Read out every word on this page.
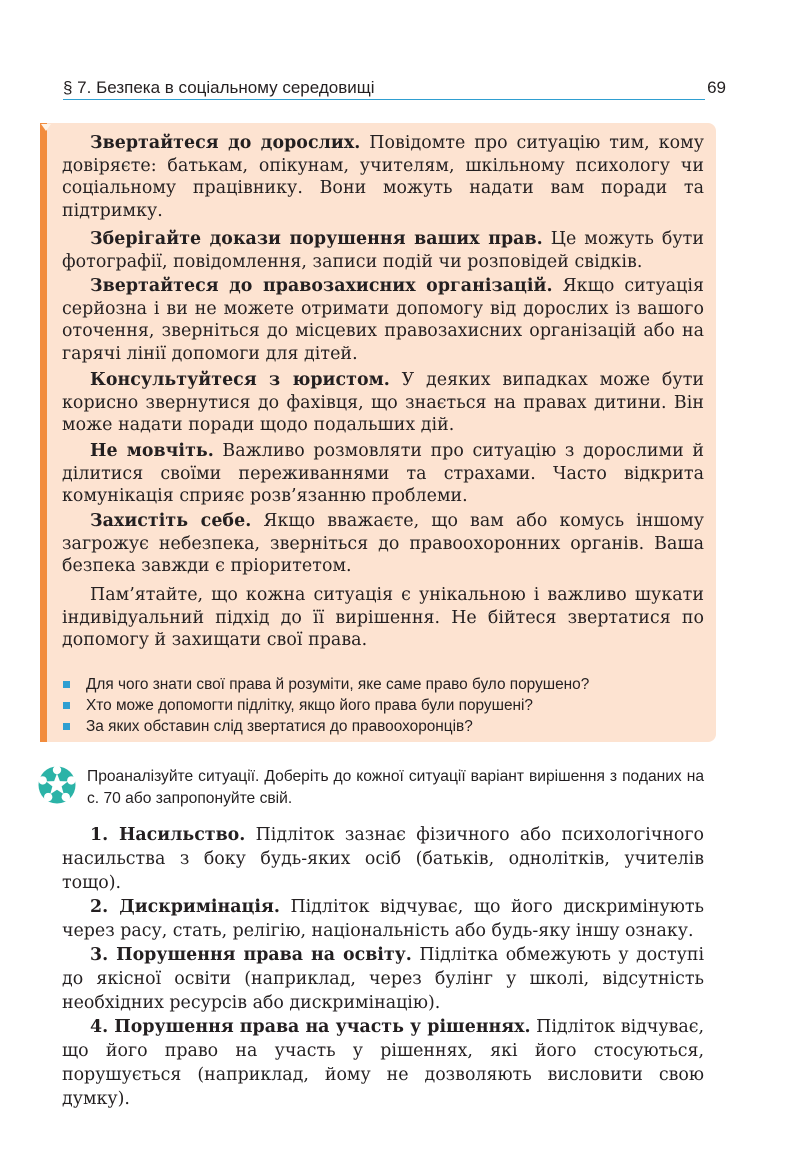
§ 7. Безпека в соціальному середовищі	69

Звертайтеся до дорослих. Повідомте про ситуацію тим, кому довіряєте: батькам, опікунам, учителям, шкільному психологу чи соціальному працівнику. Вони можуть надати вам поради та підтримку.

Зберігайте докази порушення ваших прав. Це можуть бути фотографії, повідомлення, записи подій чи розповідей свідків.

Звертайтеся до правозахисних організацій. Якщо ситуація серйозна і ви не можете отримати допомогу від дорослих із вашого оточення, зверніться до місцевих правозахисних організацій або на гарячі лінії допомоги для дітей.

Консультуйтеся з юристом. У деяких випадках може бути корисно звернутися до фахівця, що знається на правах дитини. Він може надати поради щодо подальших дій.

Не мовчіть. Важливо розмовляти про ситуацію з дорослими й ділитися своїми переживаннями та страхами. Часто відкрита комунікація сприяє розв’язанню проблеми.

Захистіть себе. Якщо вважаєте, що вам або комусь іншому загрожує небезпека, зверніться до правоохоронних органів. Ваша безпека завжди є пріоритетом.

Пам’ятайте, що кожна ситуація є унікальною і важливо шукати індивідуальний підхід до її вирішення. Не бійтеся звертатися по допомогу й захищати свої права.

Для чого знати свої права й розуміти, яке саме право було порушено?
Хто може допомогти підлітку, якщо його права були порушені?
За яких обставин слід звертатися до правоохоронців?

Проаналізуйте ситуації. Доберіть до кожної ситуації варіант вирішення з поданих на с. 70 або запропонуйте свій.

1. Насильство. Підліток зазнає фізичного або психологічного насильства з боку будь-яких осіб (батьків, однолітків, учителів тощо).

2. Дискримінація. Підліток відчуває, що його дискримінують через расу, стать, релігію, національність або будь-яку іншу ознаку.

3. Порушення права на освіту. Підлітка обмежують у доступі до якісної освіти (наприклад, через булінг у школі, відсутність необхідних ресурсів або дискримінацію).

4. Порушення права на участь у рішеннях. Підліток відчуває, що його право на участь у рішеннях, які його стосуються, порушується (наприклад, йому не дозволяють висловити свою думку).
